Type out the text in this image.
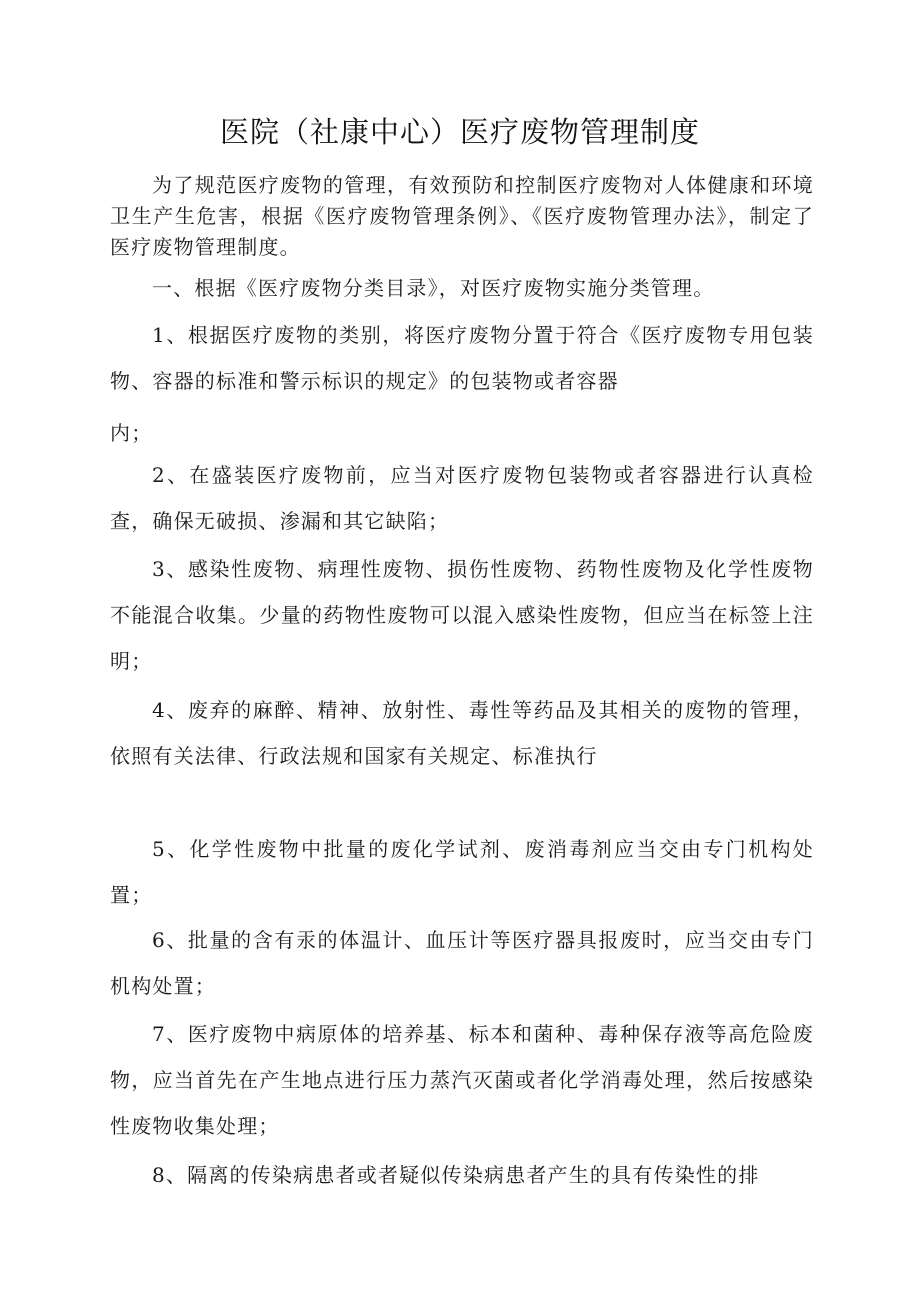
医院（社康中心）医疗废物管理制度
为了规范医疗废物的管理，有效预防和控制医疗废物对人体健康和环境卫生产生危害，根据《医疗废物管理条例》、《医疗废物管理办法》，制定了医疗废物管理制度。
一、根据《医疗废物分类目录》，对医疗废物实施分类管理。
1、根据医疗废物的类别，将医疗废物分置于符合《医疗废物专用包装物、容器的标准和警示标识的规定》的包装物或者容器
内；
2、在盛装医疗废物前，应当对医疗废物包装物或者容器进行认真检查，确保无破损、渗漏和其它缺陷；
3、感染性废物、病理性废物、损伤性废物、药物性废物及化学性废物不能混合收集。少量的药物性废物可以混入感染性废物，但应当在标签上注明；
4、废弃的麻醉、精神、放射性、毒性等药品及其相关的废物的管理，依照有关法律、行政法规和国家有关规定、标准执行
5、化学性废物中批量的废化学试剂、废消毒剂应当交由专门机构处置；
6、批量的含有汞的体温计、血压计等医疗器具报废时，应当交由专门机构处置；
7、医疗废物中病原体的培养基、标本和菌种、毒种保存液等高危险废物，应当首先在产生地点进行压力蒸汽灭菌或者化学消毒处理，然后按感染性废物收集处理；
8、隔离的传染病患者或者疑似传染病患者产生的具有传染性的排
